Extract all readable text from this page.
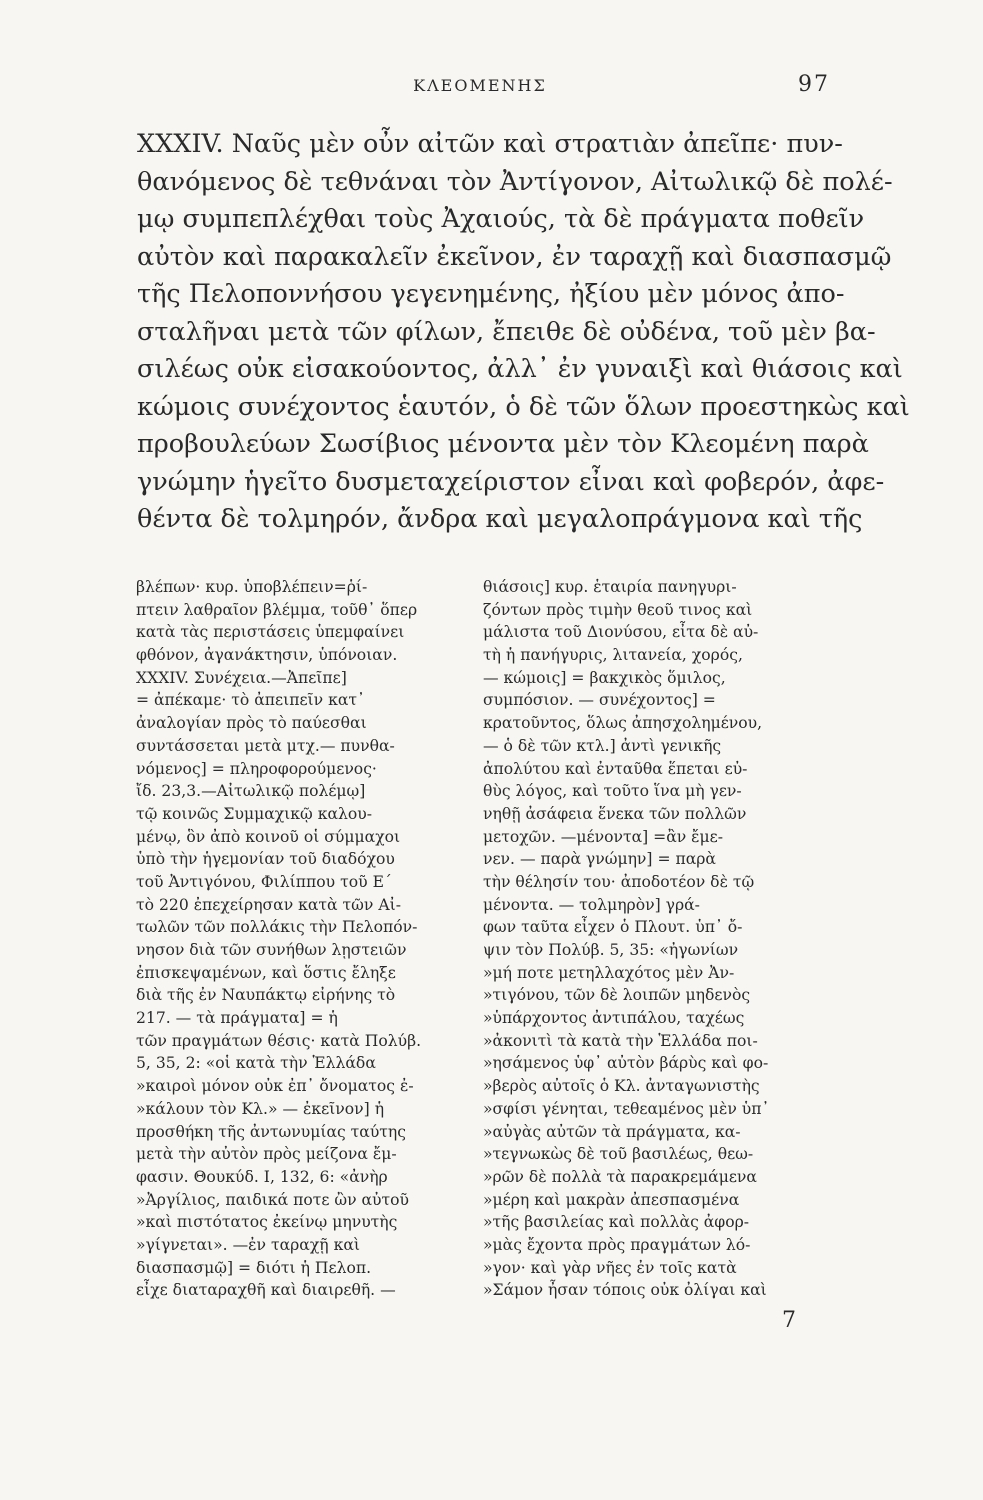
ΚΛΕΟΜΕΝΗΣ	97
XXXIV. Ναῦς μὲν οὖν αἰτῶν καὶ στρατιὰν ἀπεῖπε· πυν-
θανόμενος δὲ τεθνάναι τὸν Ἀντίγονον, Αἰτωλικῷ δὲ πολέ-
μῳ συμπεπλέχθαι τοὺς Ἀχαιούς, τὰ δὲ πράγματα ποθεῖν
αὐτὸν καὶ παρακαλεῖν ἐκεῖνον, ἐν ταραχῇ καὶ διασπασμῷ
τῆς Πελοποννήσου γεγενημένης, ἠξίου μὲν μόνος ἀπο-
σταλῆναι μετὰ τῶν φίλων, ἔπειθε δὲ οὐδένα, τοῦ μὲν βα-
σιλέως οὐκ εἰσακούοντος, ἀλλ᾽ ἐν γυναιξὶ καὶ θιάσοις καὶ
κώμοις συνέχοντος ἑαυτόν, ὁ δὲ τῶν ὅλων προεστηκὼς καὶ
προβουλεύων Σωσίβιος μένοντα μὲν τὸν Κλεομένη παρὰ
γνώμην ἡγεῖτο δυσμεταχείριστον εἶναι καὶ φοβερόν, ἀφε-
θέντα δὲ τολμηρόν, ἄνδρα καὶ μεγαλοπράγμονα καὶ τῆς
βλέπων· κυρ. ὑποβλέπειν=ῥί-
πτειν λαθραῖον βλέμμα, τοῦθ᾽ ὅπερ
κατὰ τὰς περιστάσεις ὑπεμφαίνει
φθόνον, ἀγανάκτησιν, ὑπόνοιαν.
XXXIV. Συνέχεια.—Ἀπεῖπε]
= ἀπέκαμε· τὸ ἀπειπεῖν κατ᾽
ἀναλογίαν πρὸς τὸ παύεσθαι
συντάσσεται μετὰ μτχ.— πυνθα-
νόμενος] = πληροφορούμενος·
ἴδ. 23,3.—Αἰτωλικῷ πολέμῳ]
τῷ κοινῶς Συμμαχικῷ καλου-
μένῳ, ὃν ἀπὸ κοινοῦ οἱ σύμμαχοι
ὑπὸ τὴν ἡγεμονίαν τοῦ διαδόχου
τοῦ Ἀντιγόνου, Φιλίππου τοῦ Ε´
τὸ 220 ἐπεχείρησαν κατὰ τῶν Αἰ-
τωλῶν τῶν πολλάκις τὴν Πελοπόν-
νησον διὰ τῶν συνήθων λῃστειῶν
ἐπισκεψαμένων, καὶ ὅστις ἔληξε
διὰ τῆς ἐν Ναυπάκτῳ εἰρήνης τὸ
217. — τὰ πράγματα] = ἡ
τῶν πραγμάτων θέσις· κατὰ Πολύβ.
5, 35, 2: «οἱ κατὰ τὴν Ἑλλάδα
»καιροὶ μόνον οὐκ ἐπ᾽ ὄνοματος ἐ-
»κάλουν τὸν Κλ.» — ἐκεῖνον] ἡ
προσθήκη τῆς ἀντωνυμίας ταύτης
μετὰ τὴν αὐτὸν πρὸς μείζονα ἔμ-
φασιν. Θουκύδ. I, 132, 6: «ἀνὴρ
»Ἀργίλιος, παιδικά ποτε ὢν αὐτοῦ
»καὶ πιστότατος ἐκείνῳ μηνυτὴς
»γίγνεται». —ἐν ταραχῇ καὶ
διασπασμῷ] = διότι ἡ Πελοπ.
εἶχε διαταραχθῆ καὶ διαιρεθῆ. —
θιάσοις] κυρ. ἑταιρία πανηγυρι-
ζόντων πρὸς τιμὴν θεοῦ τινος καὶ
μάλιστα τοῦ Διονύσου, εἶτα δὲ αὐ-
τὴ ἡ πανήγυρις, λιτανεία, χορός,
— κώμοις] = βακχικὸς ὅμιλος,
συμπόσιον. — συνέχοντος] =
κρατοῦντος, ὅλως ἀπησχολημένου,
— ὁ δὲ τῶν κτλ.] ἀντὶ γενικῆς
ἀπολύτου καὶ ἐνταῦθα ἕπεται εὐ-
θὺς λόγος, καὶ τοῦτο ἵνα μὴ γεν-
νηθῇ ἀσάφεια ἕνεκα τῶν πολλῶν
μετοχῶν. —μένοντα] =ἂν ἔμε-
νεν. — παρὰ γνώμην] = παρὰ
τὴν θέλησίν του· ἀποδοτέον δὲ τῷ
μένοντα. — τολμηρὸν] γρά-
φων ταῦτα εἶχεν ὁ Πλουτ. ὑπ᾽ ὄ-
ψιν τὸν Πολύβ. 5, 35: «ἠγωνίων
»μή ποτε μετηλλαχότος μὲν Ἀν-
»τιγόνου, τῶν δὲ λοιπῶν μηδενὸς
»ὑπάρχοντος ἀντιπάλου, ταχέως
»ἀκονιτὶ τὰ κατὰ τὴν Ἑλλάδα ποι-
»ησάμενος ὑφ᾽ αὐτὸν βάρὺς καὶ φο-
»βερὸς αὐτοῖς ὁ Κλ. ἀνταγωνιστὴς
»σφίσι γένηται, τεθεαμένος μὲν ὑπ᾽
»αὐγὰς αὐτῶν τὰ πράγματα, κα-
»τεγνωκὼς δὲ τοῦ βασιλέως, θεω-
»ρῶν δὲ πολλὰ τὰ παρακρεμάμενα
»μέρη καὶ μακρὰν ἀπεσπασμένα
»τῆς βασιλείας καὶ πολλὰς ἀφορ-
»μὰς ἔχοντα πρὸς πραγμάτων λό-
»γον· καὶ γὰρ νῆες ἐν τοῖς κατὰ
»Σάμον ἦσαν τόποις οὐκ ὀλίγαι καὶ
7
